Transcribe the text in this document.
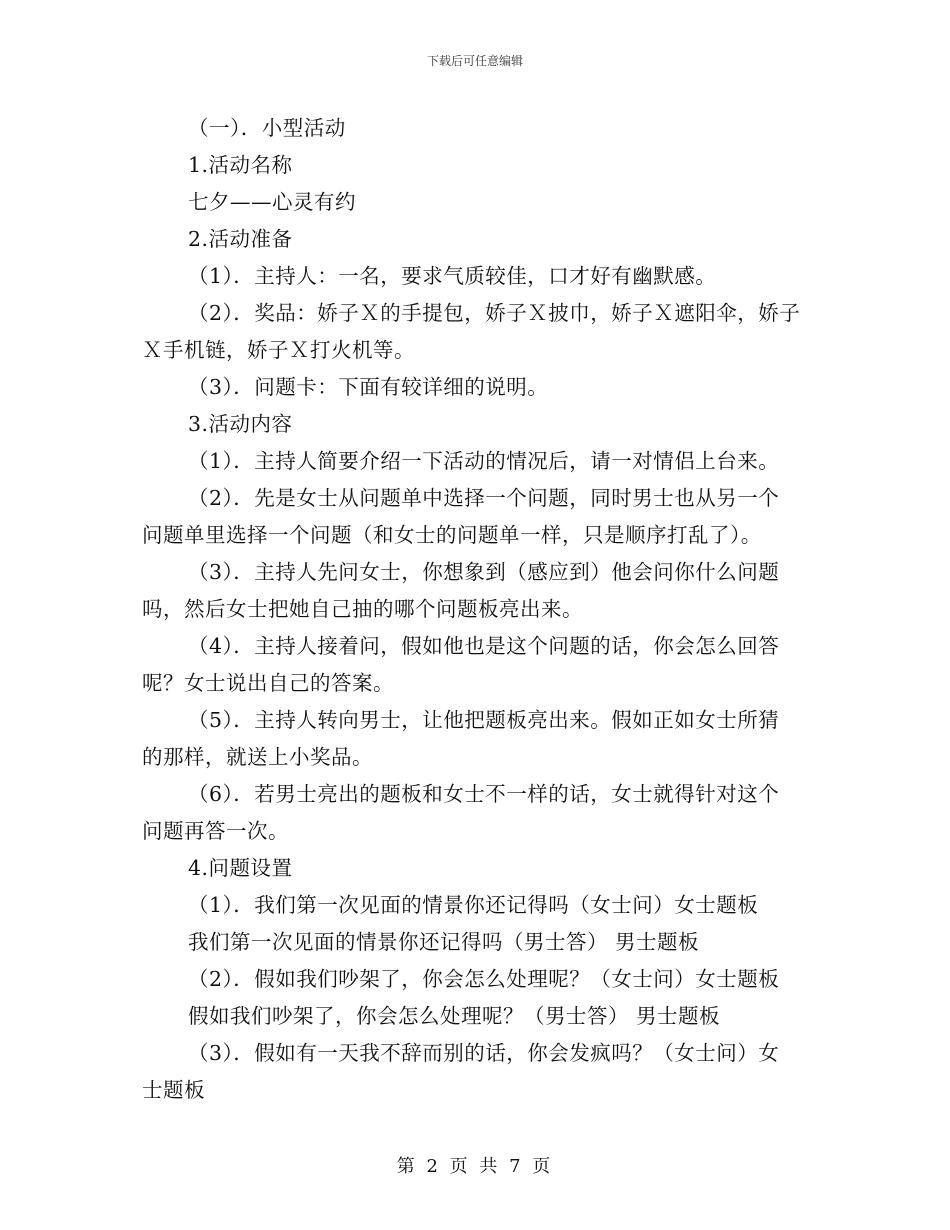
下载后可任意编辑
（一）．小型活动
1.活动名称
七夕——心灵有约
2.活动准备
（1）．主持人：一名，要求气质较佳，口才好有幽默感。
（2）．奖品：娇子Ｘ的手提包，娇子Ｘ披巾，娇子Ｘ遮阳伞，娇子
Ｘ手机链，娇子Ｘ打火机等。
（3）．问题卡：下面有较详细的说明。
3.活动内容
（1）．主持人简要介绍一下活动的情况后，请一对情侣上台来。
（2）．先是女士从问题单中选择一个问题，同时男士也从另一个
问题单里选择一个问题（和女士的问题单一样，只是顺序打乱了）。
（3）．主持人先问女士，你想象到（感应到）他会问你什么问题
吗，然后女士把她自己抽的哪个问题板亮出来。
（4）．主持人接着问，假如他也是这个问题的话，你会怎么回答
呢？女士说出自己的答案。
（5）．主持人转向男士，让他把题板亮出来。假如正如女士所猜
的那样，就送上小奖品。
（6）．若男士亮出的题板和女士不一样的话，女士就得针对这个
问题再答一次。
4.问题设置
（1）．我们第一次见面的情景你还记得吗（女士问）女士题板
我们第一次见面的情景你还记得吗（男士答） 男士题板
（2）．假如我们吵架了，你会怎么处理呢？（女士问）女士题板
假如我们吵架了，你会怎么处理呢？（男士答） 男士题板
（3）．假如有一天我不辞而别的话，你会发疯吗？（女士问）女
士题板
第 2 页 共 7 页
